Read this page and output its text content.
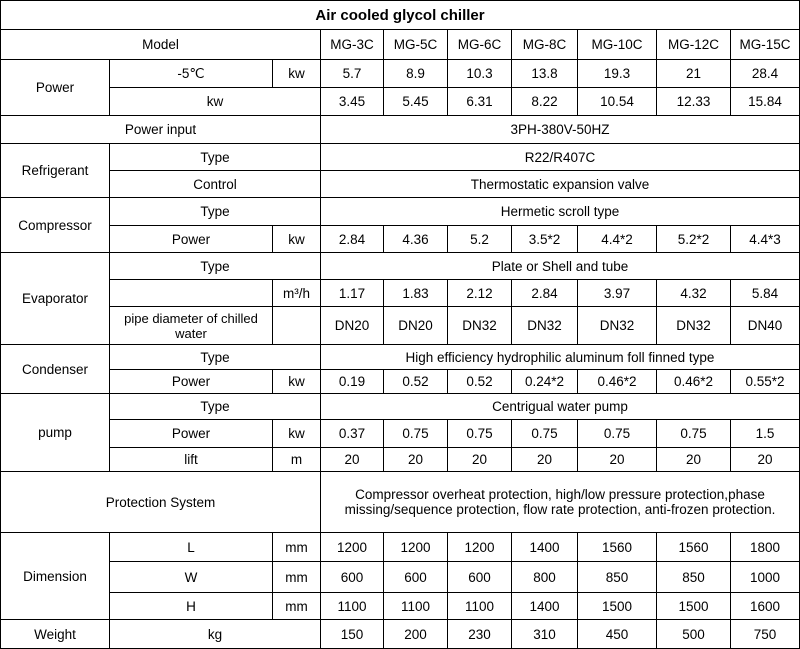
Air cooled glycol chiller									
Model			MG-3C	MG-5C	MG-6C	MG-8C	MG-10C	MG-12C	MG-15C
Power	-5℃	kw	5.7	8.9	10.3	13.8	19.3	21	28.4
	kw		3.45	5.45	6.31	8.22	10.54	12.33	15.84
Power input			3PH-380V-50HZ						
Refrigerant	Type		R22/R407C						
	Control		Thermostatic expansion valve						
Compressor	Type		Hermetic scroll type						
	Power	kw	2.84	4.36	5.2	3.5*2	4.4*2	5.2*2	4.4*3
Evaporator	Type		Plate or Shell and tube						
		m³/h	1.17	1.83	2.12	2.84	3.97	4.32	5.84
	pipe diameter of chilled water		DN20	DN20	DN32	DN32	DN32	DN32	DN40
Condenser	Type		High efficiency hydrophilic aluminum foll finned type						
	Power	kw	0.19	0.52	0.52	0.24*2	0.46*2	0.46*2	0.55*2
pump	Type		Centrigual water pump						
	Power	kw	0.37	0.75	0.75	0.75	0.75	0.75	1.5
	lift	m	20	20	20	20	20	20	20
Protection System			Compressor overheat protection, high/low pressure protection,phase missing/sequence protection, flow rate protection, anti-frozen protection.						
Dimension	L	mm	1200	1200	1200	1400	1560	1560	1800
	W	mm	600	600	600	800	850	850	1000
	H	mm	1100	1100	1100	1400	1500	1500	1600
Weight	kg		150	200	230	310	450	500	750
